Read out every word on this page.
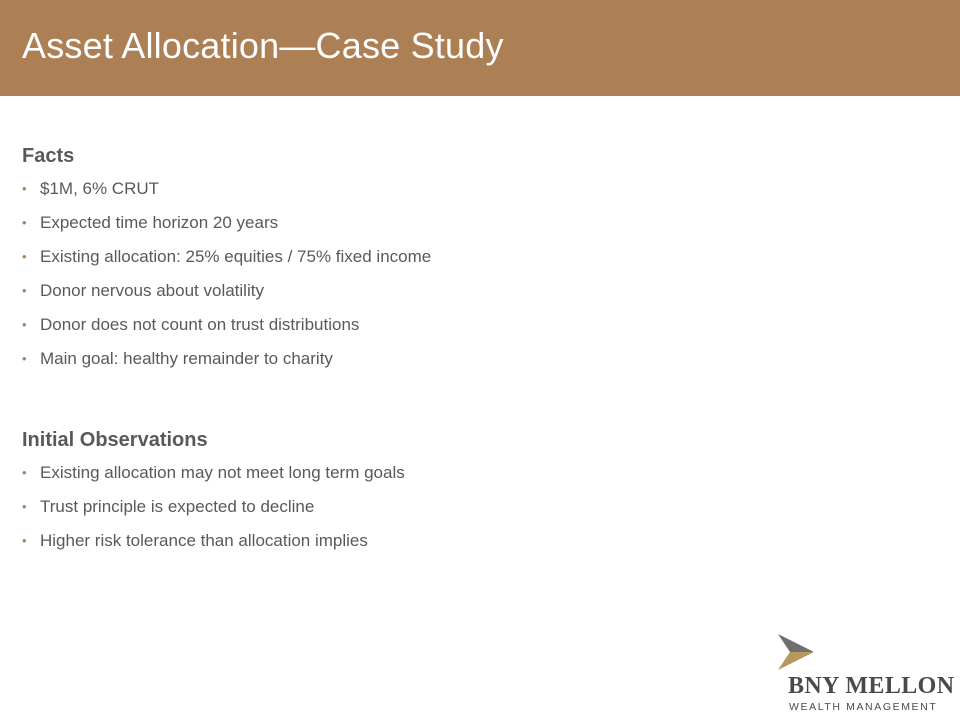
Asset Allocation—Case Study
Facts
• $1M, 6% CRUT
• Expected time horizon 20 years
• Existing allocation: 25% equities / 75% fixed income
• Donor nervous about volatility
• Donor does not count on trust distributions
• Main goal: healthy remainder to charity
Initial Observations
• Existing allocation may not meet long term goals
• Trust principle is expected to decline
• Higher risk tolerance than allocation implies
BNY MELLON
WEALTH MANAGEMENT
